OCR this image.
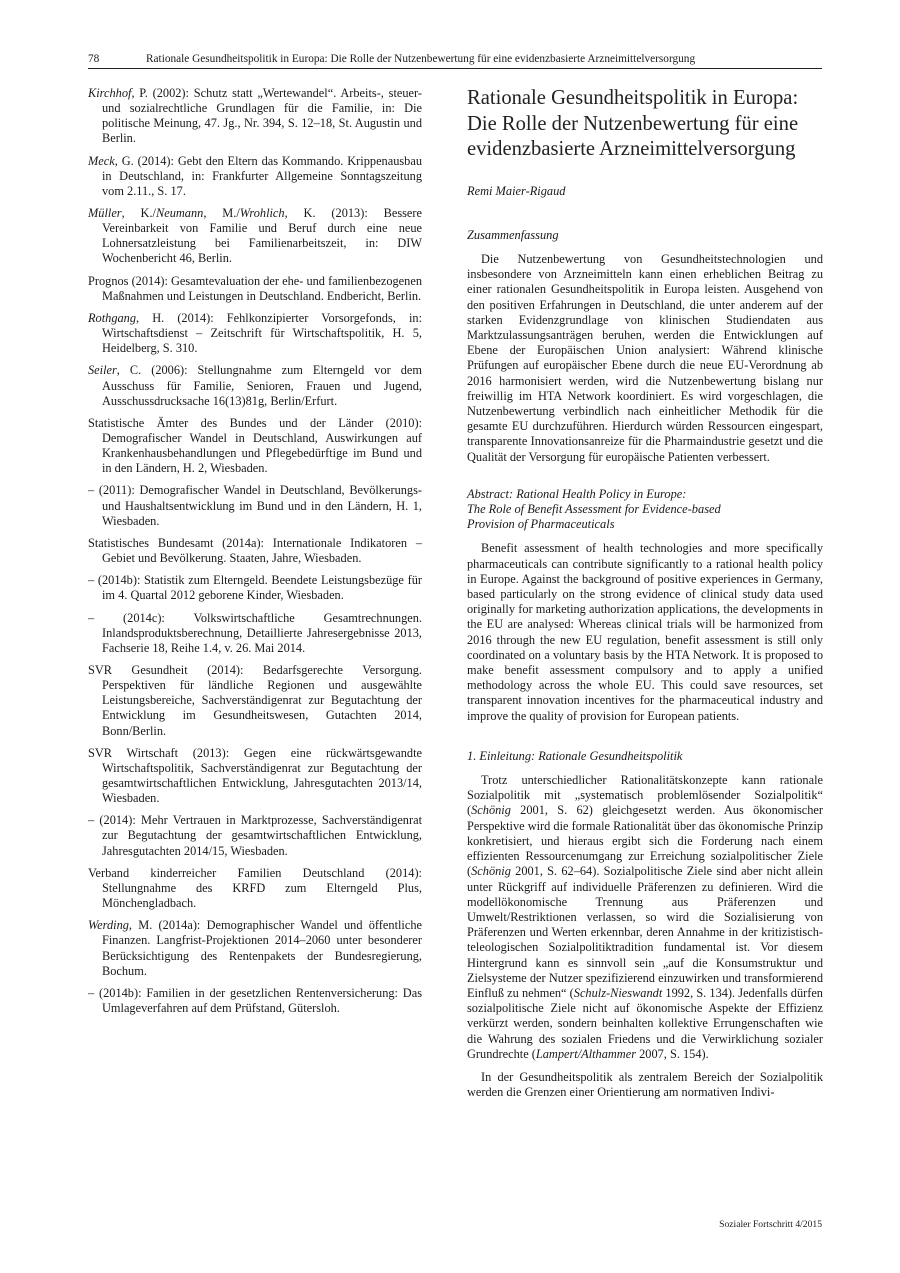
78	Rationale Gesundheitspolitik in Europa: Die Rolle der Nutzenbewertung für eine evidenzbasierte Arzneimittelversorgung

Kirchhof, P. (2002): Schutz statt „Wertewandel“. Arbeits-, steuer- und sozialrechtliche Grundlagen für die Familie, in: Die politische Meinung, 47. Jg., Nr. 394, S. 12–18, St. Augustin und Berlin.

Meck, G. (2014): Gebt den Eltern das Kommando. Krippenausbau in Deutschland, in: Frankfurter Allgemeine Sonntagszeitung vom 2.11., S. 17.

Müller, K./Neumann, M./Wrohlich, K. (2013): Bessere Vereinbarkeit von Familie und Beruf durch eine neue Lohnersatzleistung bei Familienarbeitszeit, in: DIW Wochenbericht 46, Berlin.

Prognos (2014): Gesamtevaluation der ehe- und familienbezogenen Maßnahmen und Leistungen in Deutschland. Endbericht, Berlin.

Rothgang, H. (2014): Fehlkonzipierter Vorsorgefonds, in: Wirtschaftsdienst – Zeitschrift für Wirtschaftspolitik, H. 5, Heidelberg, S. 310.

Seiler, C. (2006): Stellungnahme zum Elterngeld vor dem Ausschuss für Familie, Senioren, Frauen und Jugend, Ausschussdrucksache 16(13)81g, Berlin/Erfurt.

Statistische Ämter des Bundes und der Länder (2010): Demografischer Wandel in Deutschland, Auswirkungen auf Krankenhausbehandlungen und Pflegebedürftige im Bund und in den Ländern, H. 2, Wiesbaden.

– (2011): Demografischer Wandel in Deutschland, Bevölkerungs- und Haushaltsentwicklung im Bund und in den Ländern, H. 1, Wiesbaden.

Statistisches Bundesamt (2014a): Internationale Indikatoren – Gebiet und Bevölkerung. Staaten, Jahre, Wiesbaden.

– (2014b): Statistik zum Elterngeld. Beendete Leistungsbezüge für im 4. Quartal 2012 geborene Kinder, Wiesbaden.

– (2014c): Volkswirtschaftliche Gesamtrechnungen. Inlandsproduktsberechnung, Detaillierte Jahresergebnisse 2013, Fachserie 18, Reihe 1.4, v. 26. Mai 2014.

SVR Gesundheit (2014): Bedarfsgerechte Versorgung. Perspektiven für ländliche Regionen und ausgewählte Leistungsbereiche, Sachverständigenrat zur Begutachtung der Entwicklung im Gesundheitswesen, Gutachten 2014, Bonn/Berlin.

SVR Wirtschaft (2013): Gegen eine rückwärtsgewandte Wirtschaftspolitik, Sachverständigenrat zur Begutachtung der gesamtwirtschaftlichen Entwicklung, Jahresgutachten 2013/14, Wiesbaden.

– (2014): Mehr Vertrauen in Marktprozesse, Sachverständigenrat zur Begutachtung der gesamtwirtschaftlichen Entwicklung, Jahresgutachten 2014/15, Wiesbaden.

Verband kinderreicher Familien Deutschland (2014): Stellungnahme des KRFD zum Elterngeld Plus, Mönchengladbach.

Werding, M. (2014a): Demographischer Wandel und öffentliche Finanzen. Langfrist-Projektionen 2014–2060 unter besonderer Berücksichtigung des Rentenpakets der Bundesregierung, Bochum.

– (2014b): Familien in der gesetzlichen Rentenversicherung: Das Umlageverfahren auf dem Prüfstand, Gütersloh.

Rationale Gesundheitspolitik in Europa: Die Rolle der Nutzenbewertung für eine evidenzbasierte Arzneimittelversorgung

Remi Maier-Rigaud

Zusammenfassung

Die Nutzenbewertung von Gesundheitstechnologien und insbesondere von Arzneimitteln kann einen erheblichen Beitrag zu einer rationalen Gesundheitspolitik in Europa leisten. Ausgehend von den positiven Erfahrungen in Deutschland, die unter anderem auf der starken Evidenzgrundlage von klinischen Studiendaten aus Marktzulassungsanträgen beruhen, werden die Entwicklungen auf Ebene der Europäischen Union analysiert: Während klinische Prüfungen auf europäischer Ebene durch die neue EU-Verordnung ab 2016 harmonisiert werden, wird die Nutzenbewertung bislang nur freiwillig im HTA Network koordiniert. Es wird vorgeschlagen, die Nutzenbewertung verbindlich nach einheitlicher Methodik für die gesamte EU durchzuführen. Hierdurch würden Ressourcen eingespart, transparente Innovationsanreize für die Pharmaindustrie gesetzt und die Qualität der Versorgung für europäische Patienten verbessert.

Abstract: Rational Health Policy in Europe:
The Role of Benefit Assessment for Evidence-based
Provision of Pharmaceuticals

Benefit assessment of health technologies and more specifically pharmaceuticals can contribute significantly to a rational health policy in Europe. Against the background of positive experiences in Germany, based particularly on the strong evidence of clinical study data used originally for marketing authorization applications, the developments in the EU are analysed: Whereas clinical trials will be harmonized from 2016 through the new EU regulation, benefit assessment is still only coordinated on a voluntary basis by the HTA Network. It is proposed to make benefit assessment compulsory and to apply a unified methodology across the whole EU. This could save resources, set transparent innovation incentives for the pharmaceutical industry and improve the quality of provision for European patients.

1. Einleitung: Rationale Gesundheitspolitik

Trotz unterschiedlicher Rationalitätskonzepte kann rationale Sozialpolitik mit „systematisch problemlösender Sozialpolitik“ (Schönig 2001, S. 62) gleichgesetzt werden. Aus ökonomischer Perspektive wird die formale Rationalität über das ökonomische Prinzip konkretisiert, und hieraus ergibt sich die Forderung nach einem effizienten Ressourcenumgang zur Erreichung sozialpolitischer Ziele (Schönig 2001, S. 62–64). Sozialpolitische Ziele sind aber nicht allein unter Rückgriff auf individuelle Präferenzen zu definieren. Wird die modellökonomische Trennung aus Präferenzen und Umwelt/Restriktionen verlassen, so wird die Sozialisierung von Präferenzen und Werten erkennbar, deren Annahme in der kritizistisch-teleologischen Sozialpolitiktradition fundamental ist. Vor diesem Hintergrund kann es sinnvoll sein „auf die Konsumstruktur und Zielsysteme der Nutzer spezifizierend einzuwirken und transformierend Einfluß zu nehmen“ (Schulz-Nieswandt 1992, S. 134). Jedenfalls dürfen sozialpolitische Ziele nicht auf ökonomische Aspekte der Effizienz verkürzt werden, sondern beinhalten kollektive Errungenschaften wie die Wahrung des sozialen Friedens und die Verwirklichung sozialer Grundrechte (Lampert/Althammer 2007, S. 154).

In der Gesundheitspolitik als zentralem Bereich der Sozialpolitik werden die Grenzen einer Orientierung am normativen Indivi-

Sozialer Fortschritt 4/2015
